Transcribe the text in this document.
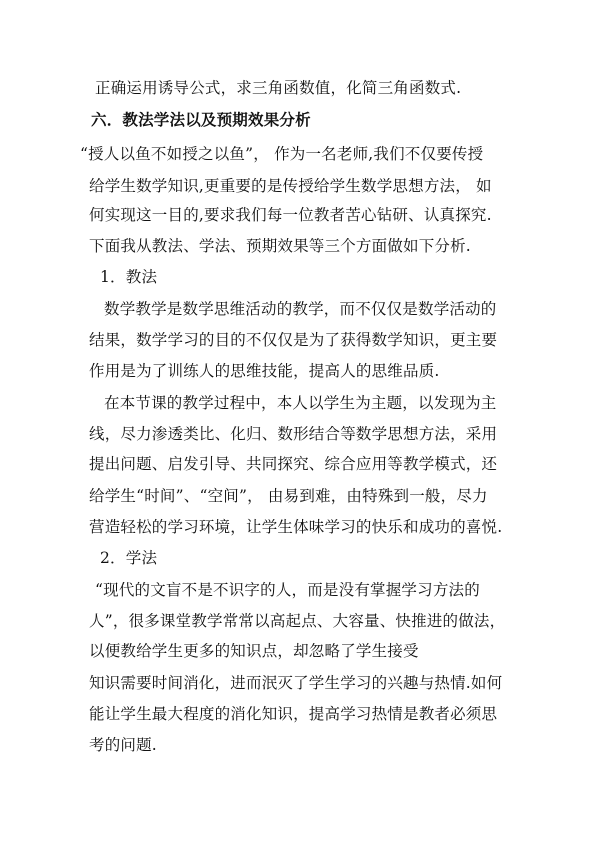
正确运用诱导公式，求三角函数值，化简三角函数式.
六．教法学法以及预期效果分析
“授人以鱼不如授之以鱼”， 作为一名老师,我们不仅要传授
给学生数学知识,更重要的是传授给学生数学思想方法， 如
何实现这一目的,要求我们每一位教者苦心钻研、认真探究.
下面我从教法、学法、预期效果等三个方面做如下分析.
1．教法
数学教学是数学思维活动的教学，而不仅仅是数学活动的
结果，数学学习的目的不仅仅是为了获得数学知识，更主要
作用是为了训练人的思维技能，提高人的思维品质.
在本节课的教学过程中，本人以学生为主题，以发现为主
线，尽力渗透类比、化归、数形结合等数学思想方法，采用
提出问题、启发引导、共同探究、综合应用等教学模式，还
给学生“时间”、“空间”， 由易到难，由特殊到一般，尽力
营造轻松的学习环境，让学生体味学习的快乐和成功的喜悦.
2．学法
“现代的文盲不是不识字的人，而是没有掌握学习方法的
人”，很多课堂教学常常以高起点、大容量、快推进的做法，
以便教给学生更多的知识点，却忽略了学生接受
知识需要时间消化，进而泯灭了学生学习的兴趣与热情.如何
能让学生最大程度的消化知识，提高学习热情是教者必须思
考的问题.
